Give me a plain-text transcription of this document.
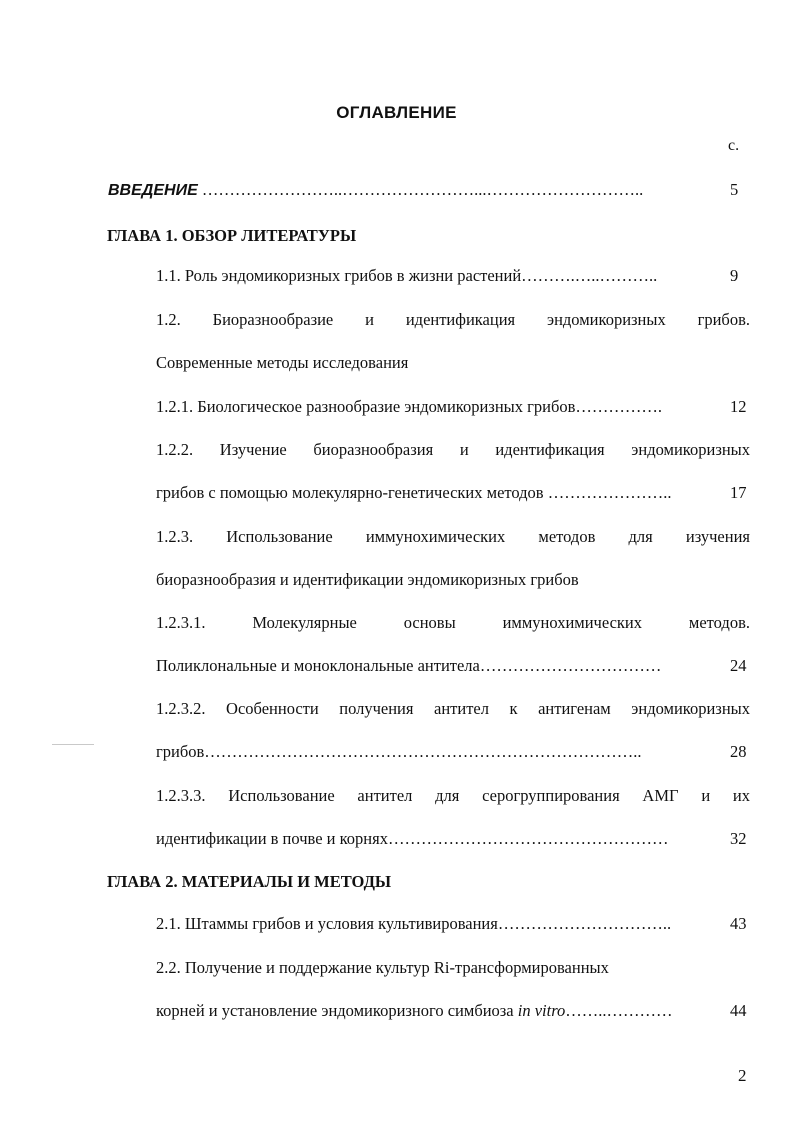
ОГЛАВЛЕНИЕ
с.
ВВЕДЕНИЕ ……………………..……………………...………………………..	5
ГЛАВА 1. ОБЗОР ЛИТЕРАТУРЫ
1.1. Роль эндомикоризных грибов в жизни растений……….…..………..	9
1.2. Биоразнообразие и идентификация эндомикоризных грибов.
Современные методы исследования
1.2.1. Биологическое разнообразие эндомикоризных грибов…………….	12
1.2.2. Изучение биоразнообразия и идентификация эндомикоризных
грибов с помощью молекулярно-генетических методов …………………..	17
1.2.3. Использование иммунохимических методов для изучения
биоразнообразия и идентификации эндомикоризных грибов
1.2.3.1. Молекулярные основы иммунохимических методов.
Поликлональные и моноклональные антитела……………………………	24
1.2.3.2. Особенности получения антител к антигенам эндомикоризных
грибов……………………………………………………………………..	28
1.2.3.3. Использование антител для серогруппирования АМГ и их
идентификации в почве и корнях……………………………………………	32
ГЛАВА 2. МАТЕРИАЛЫ И МЕТОДЫ
2.1. Штаммы грибов и условия культивирования…………………………..	43
2.2. Получение и поддержание культур Ri-трансформированных
корней и установление эндомикоризного симбиоза in vitro……..…………	44
2
